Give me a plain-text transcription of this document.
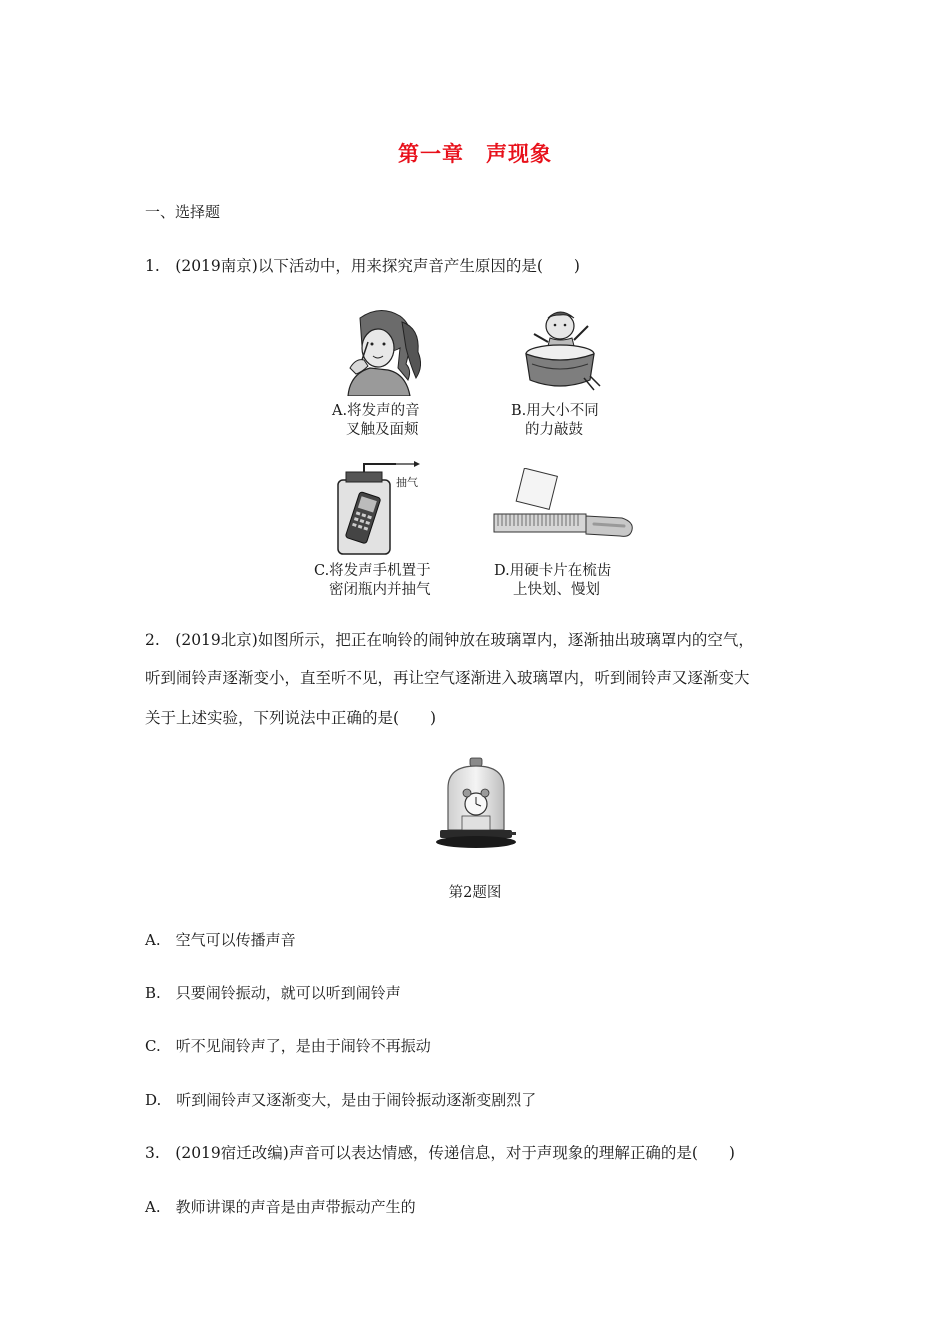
第一章　声现象
一、选择题
1.　(2019南京)以下活动中，用来探究声音产生原因的是(　　)
A.将发声的音
叉触及面颊
B.用大小不同
的力敲鼓
抽气
C.将发声手机置于
密闭瓶内并抽气
D.用硬卡片在梳齿
上快划、慢划
2.　(2019北京)如图所示，把正在响铃的闹钟放在玻璃罩内，逐渐抽出玻璃罩内的空气，
听到闹铃声逐渐变小，直至听不见，再让空气逐渐进入玻璃罩内，听到闹铃声又逐渐变大
关于上述实验，下列说法中正确的是(　　)
第2题图
A.　空气可以传播声音
B.　只要闹铃振动，就可以听到闹铃声
C.　听不见闹铃声了，是由于闹铃不再振动
D.　听到闹铃声又逐渐变大，是由于闹铃振动逐渐变剧烈了
3.　(2019宿迁改编)声音可以表达情感，传递信息，对于声现象的理解正确的是(　　)
A.　教师讲课的声音是由声带振动产生的
